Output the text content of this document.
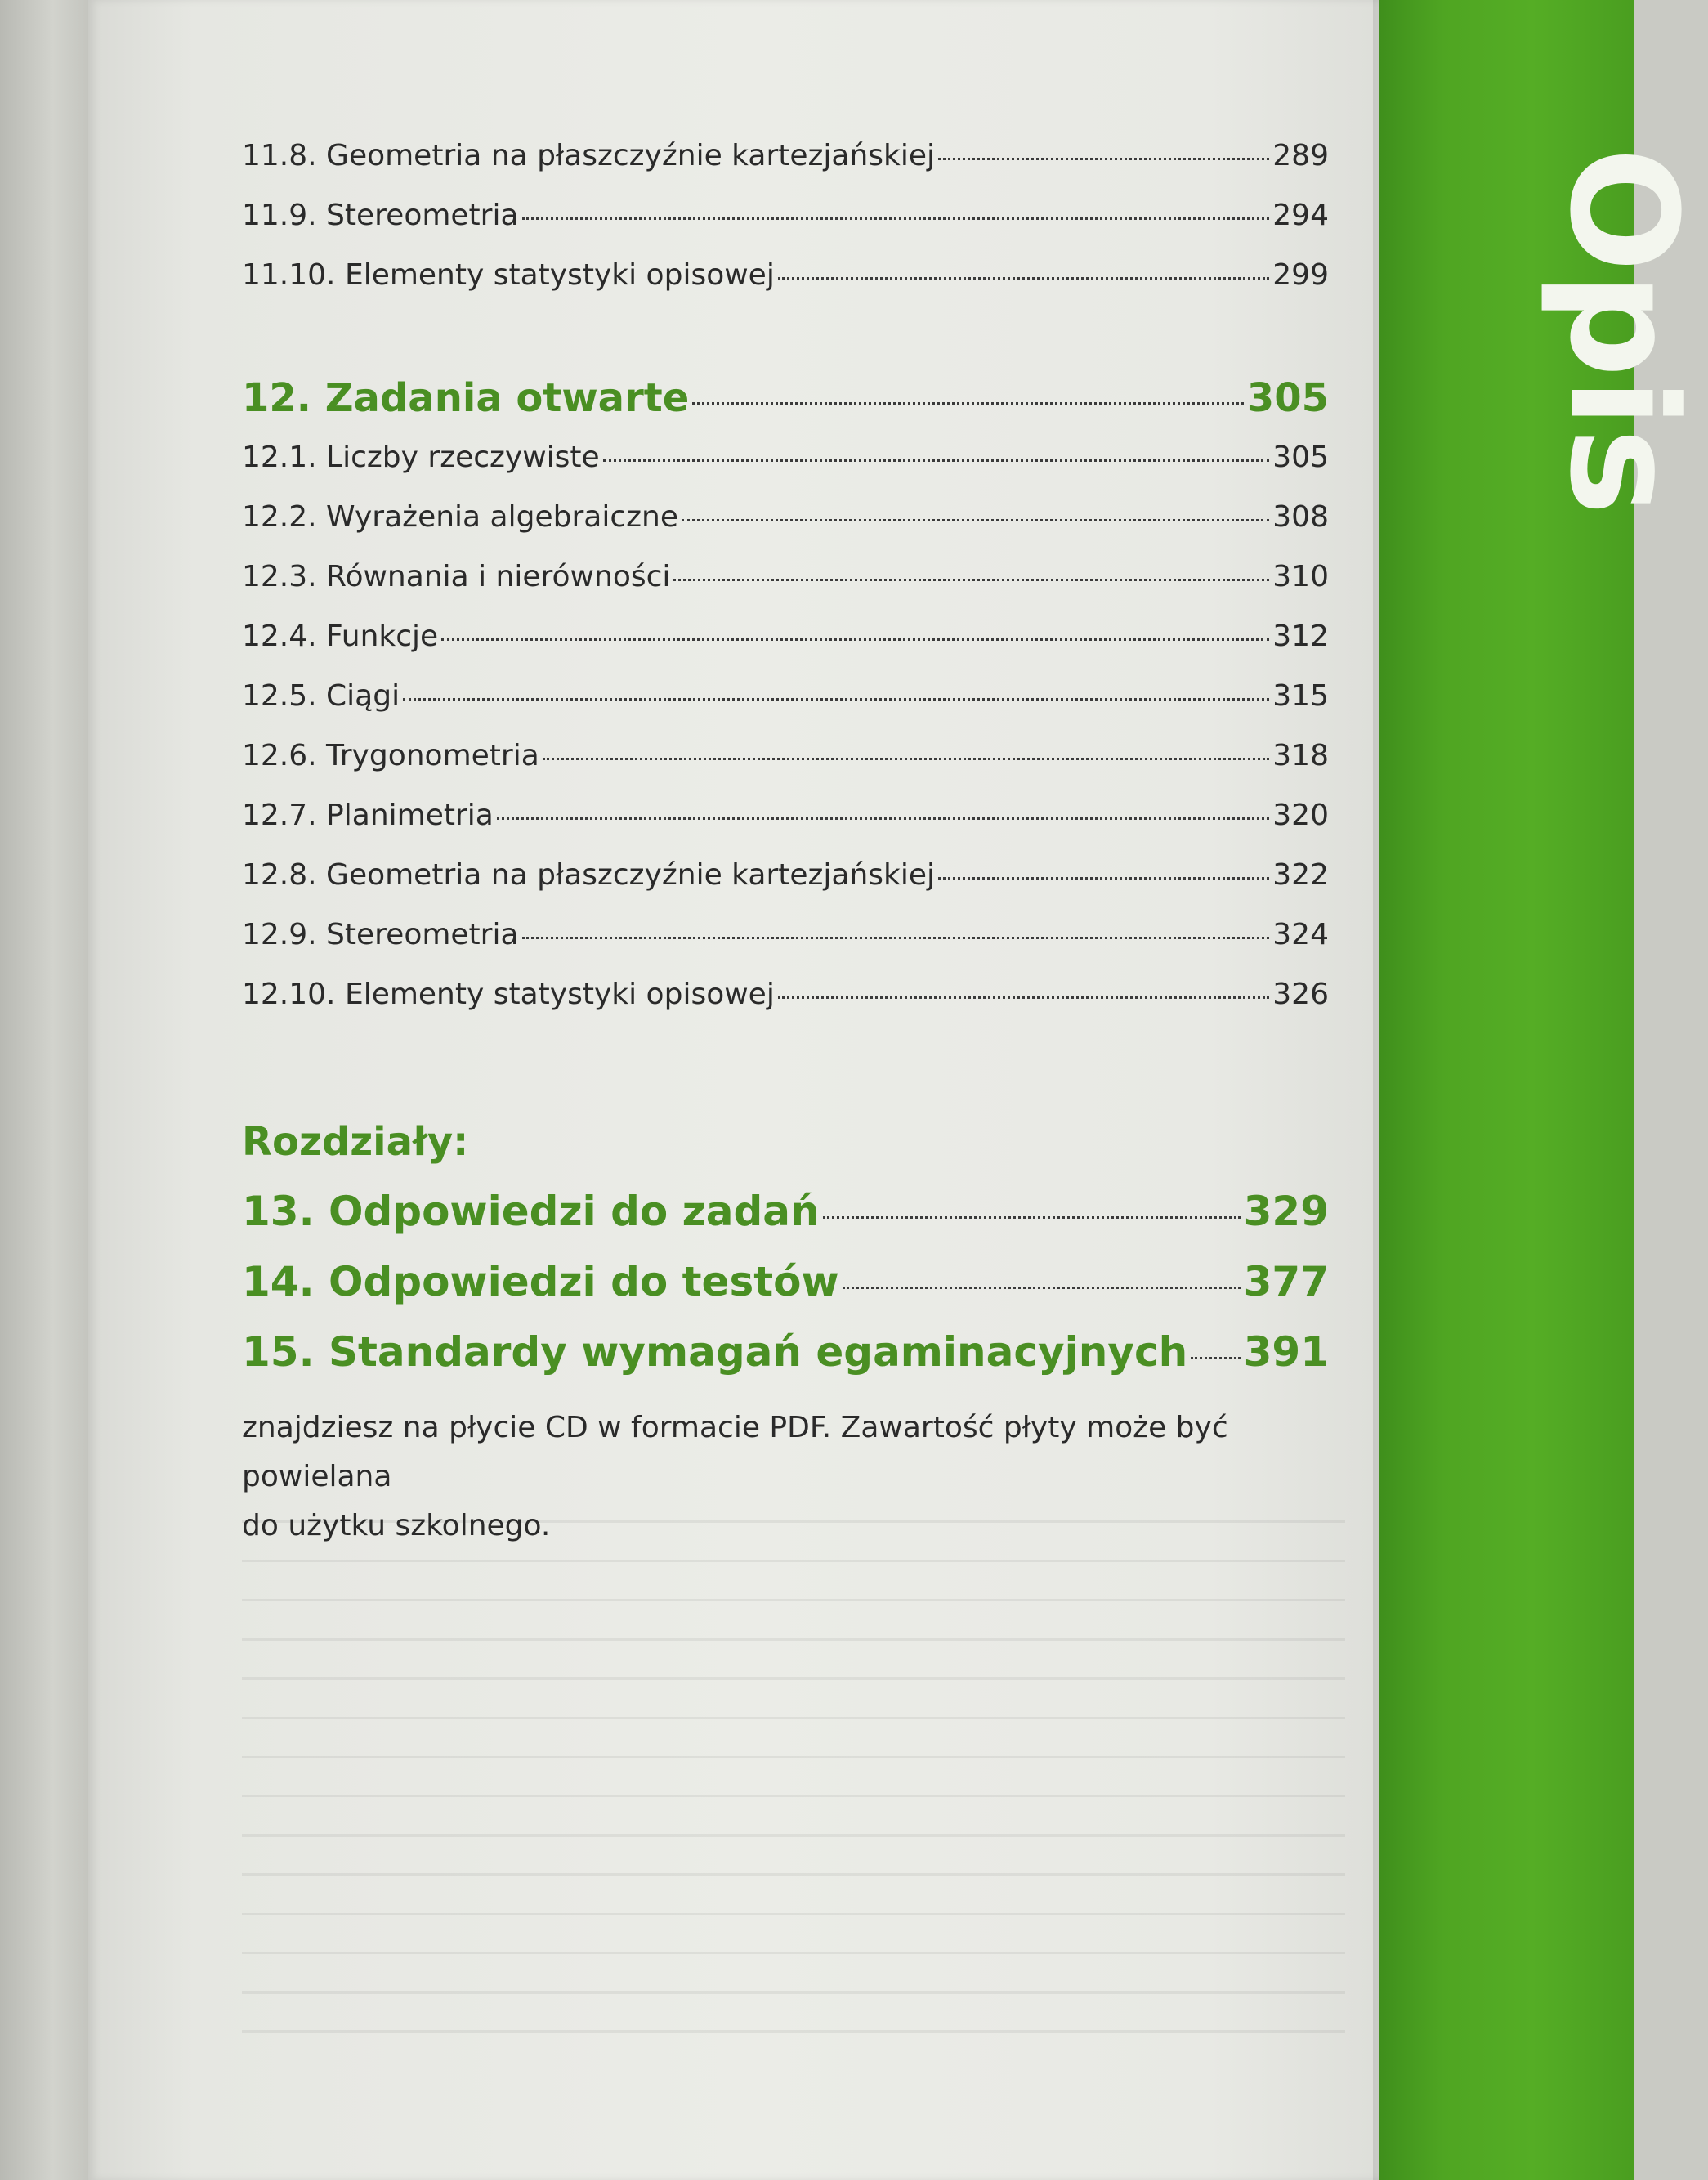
Opis
11.8. Geometria na płaszczyźnie kartezjańskiej	289
11.9. Stereometria	294
11.10. Elementy statystyki opisowej	299
12. Zadania otwarte	305
12.1. Liczby rzeczywiste	305
12.2. Wyrażenia algebraiczne	308
12.3. Równania i nierówności	310
12.4. Funkcje	312
12.5. Ciągi	315
12.6. Trygonometria	318
12.7. Planimetria	320
12.8. Geometria na płaszczyźnie kartezjańskiej	322
12.9. Stereometria	324
12.10. Elementy statystyki opisowej	326
Rozdziały:
13. Odpowiedzi do zadań	329
14. Odpowiedzi do testów	377
15. Standardy wymagań egaminacyjnych 391
znajdziesz na płycie CD w formacie PDF. Zawartość płyty może być powielana
do użytku szkolnego.
